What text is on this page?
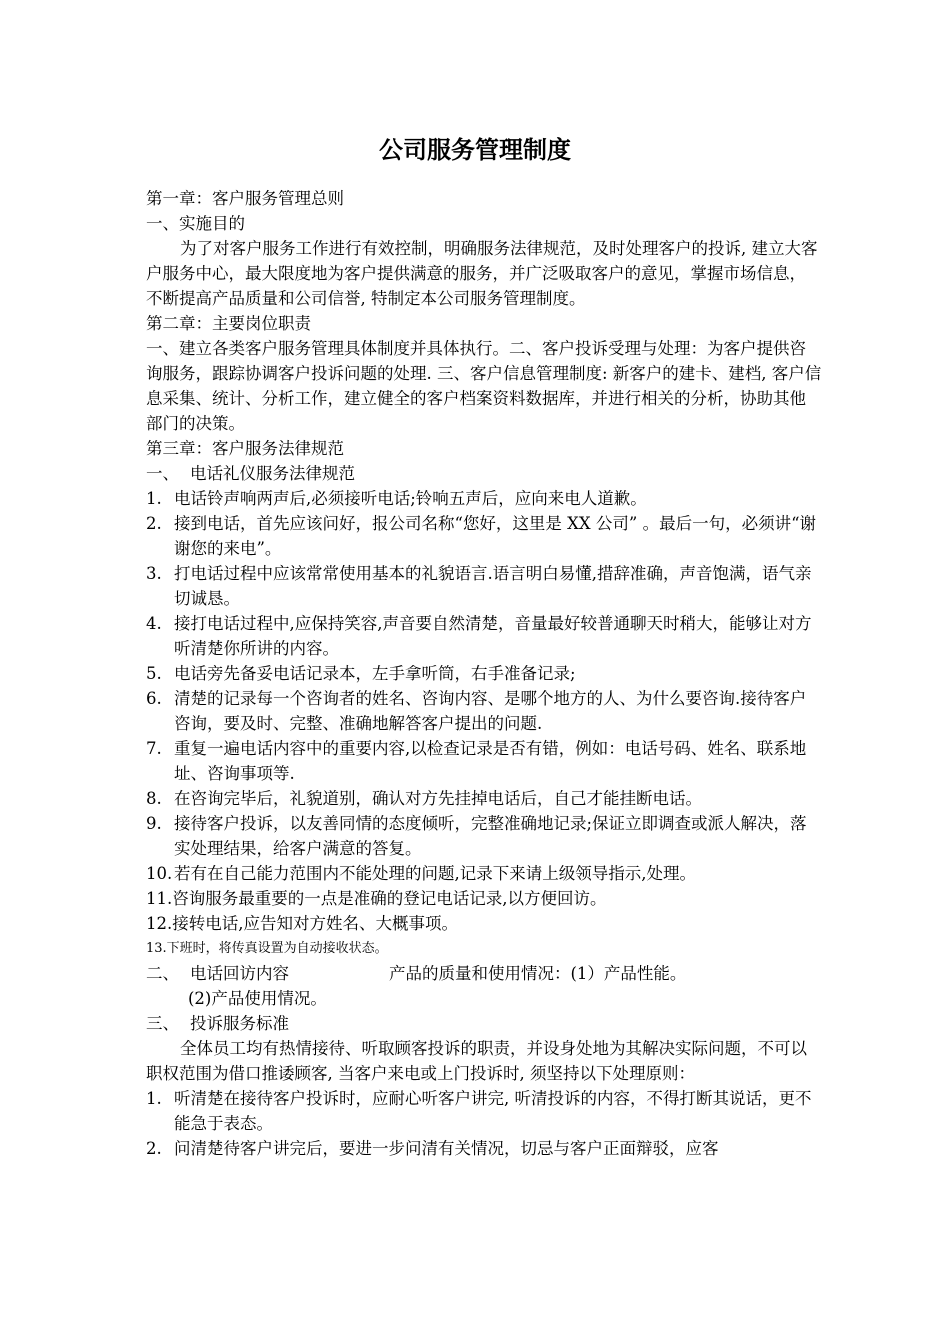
公司服务管理制度

第一章：客户服务管理总则

一、实施目的

为了对客户服务工作进行有效控制，明确服务法律规范，及时处理客户的投诉, 建立大客户服务中心，最大限度地为客户提供满意的服务，并广泛吸取客户的意见，掌握市场信息，不断提高产品质量和公司信誉, 特制定本公司服务管理制度。

第二章：主要岗位职责

一、建立各类客户服务管理具体制度并具体执行。二、客户投诉受理与处理：为客户提供咨询服务，跟踪协调客户投诉问题的处理. 三、客户信息管理制度: 新客户的建卡、建档, 客户信息采集、统计、分析工作，建立健全的客户档案资料数据库，并进行相关的分析，协助其他部门的决策。

第三章：客户服务法律规范

一、 电话礼仪服务法律规范
1. 电话铃声响两声后,必须接听电话;铃响五声后，应向来电人道歉。
2. 接到电话，首先应该问好，报公司名称“您好，这里是 XX 公司” 。最后一句，必须讲“谢谢您的来电”。
3. 打电话过程中应该常常使用基本的礼貌语言.语言明白易懂,措辞准确，声音饱满，语气亲切诚恳。
4. 接打电话过程中,应保持笑容,声音要自然清楚，音量最好较普通聊天时稍大，能够让对方听清楚你所讲的内容。
5. 电话旁先备妥电话记录本，左手拿听筒，右手准备记录;
6. 清楚的记录每一个咨询者的姓名、咨询内容、是哪个地方的人、为什么要咨询.接待客户咨询，要及时、完整、准确地解答客户提出的问题.
7. 重复一遍电话内容中的重要内容,以检查记录是否有错，例如：电话号码、姓名、联系地址、咨询事项等.
8. 在咨询完毕后，礼貌道别，确认对方先挂掉电话后，自己才能挂断电话。
9. 接待客户投诉，以友善同情的态度倾听，完整准确地记录;保证立即调查或派人解决，落实处理结果，给客户满意的答复。
10. 若有在自己能力范围内不能处理的问题,记录下来请上级领导指示,处理。

11.咨询服务最重要的一点是准确的登记电话记录,以方便回访。

12.接转电话,应告知对方姓名、大概事项。

13.下班时，将传真设置为自动接收状态。

二、 电话回访内容	产品的质量和使用情况：(1）产品性能。

(2)产品使用情况。

三、 投诉服务标准

全体员工均有热情接待、听取顾客投诉的职责，并设身处地为其解决实际问题，不可以职权范围为借口推诿顾客, 当客户来电或上门投诉时, 须坚持以下处理原则：

1. 听清楚在接待客户投诉时，应耐心听客户讲完, 听清投诉的内容，不得打断其说话，更不能急于表态。
2. 问清楚待客户讲完后，要进一步问清有关情况，切忌与客户正面辩驳，应客
